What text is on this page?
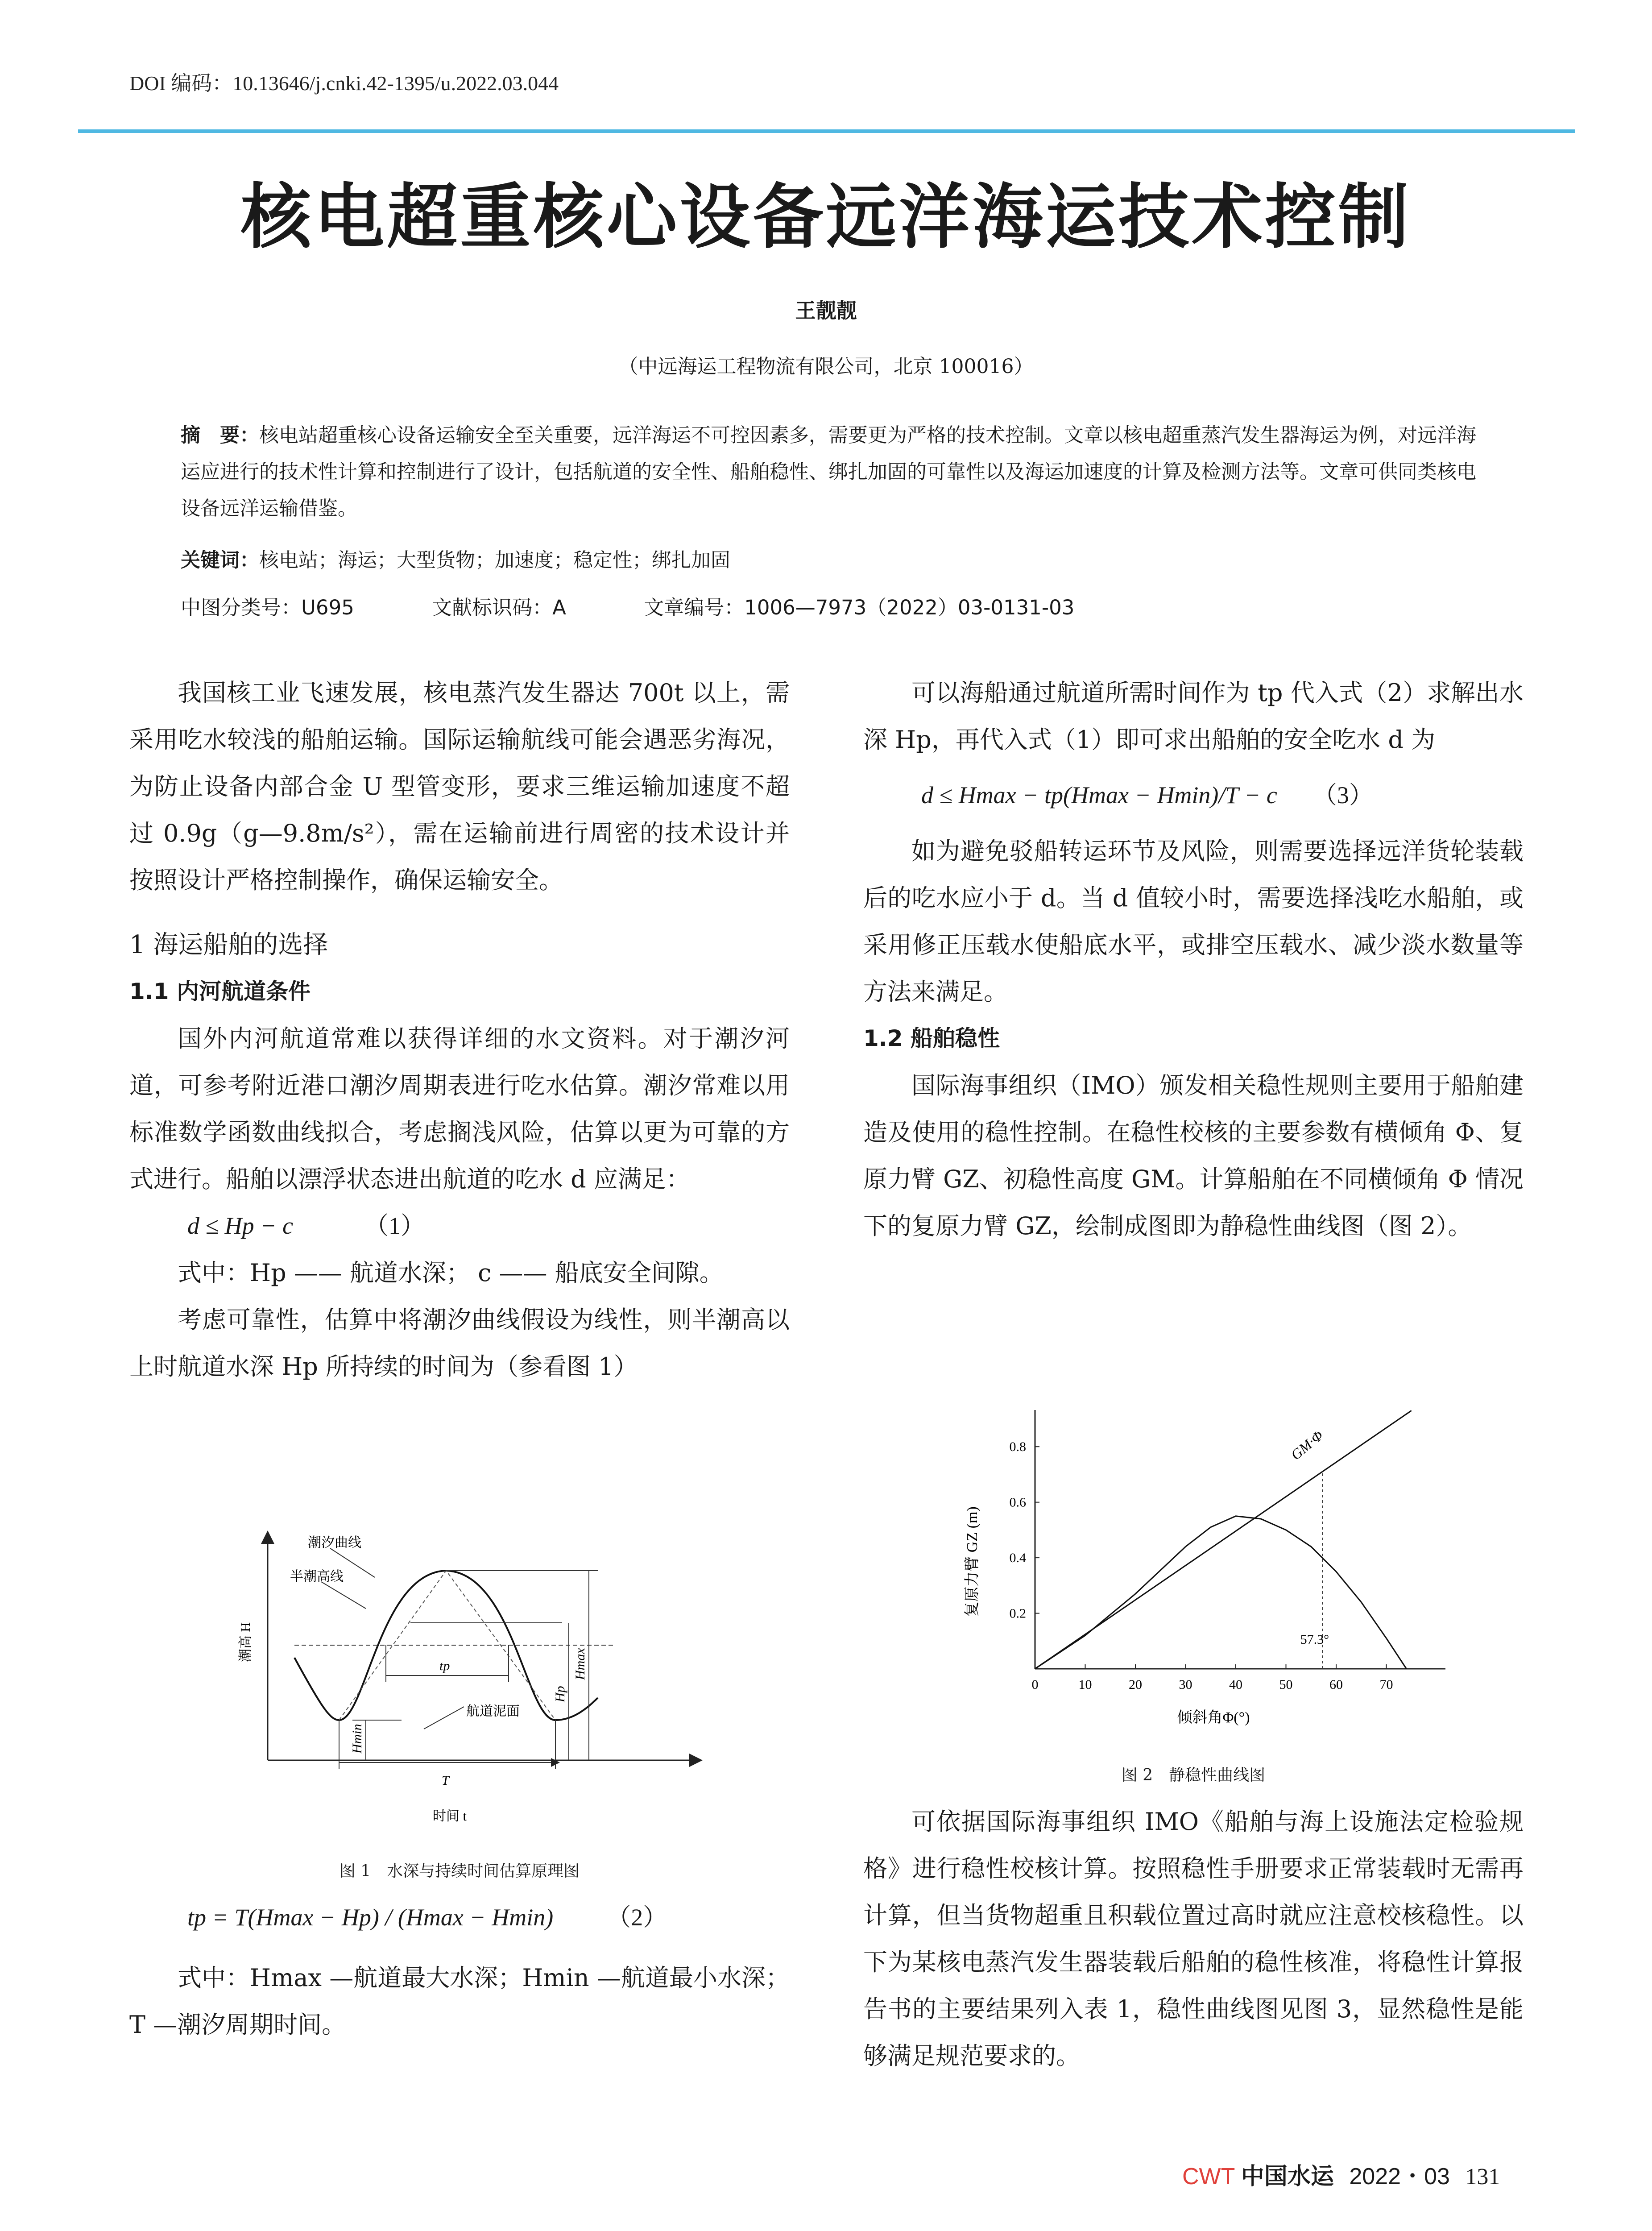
DOI 编码：10.13646/j.cnki.42-1395/u.2022.03.044
核电超重核心设备远洋海运技术控制
王靓靓
（中远海运工程物流有限公司，北京 100016）
摘　要：核电站超重核心设备运输安全至关重要，远洋海运不可控因素多，需要更为严格的技术控制。文章以核电超重蒸汽发生器海运为例，对远洋海运应进行的技术性计算和控制进行了设计，包括航道的安全性、船舶稳性、绑扎加固的可靠性以及海运加速度的计算及检测方法等。文章可供同类核电设备远洋运输借鉴。
关键词：核电站；海运；大型货物；加速度；稳定性；绑扎加固
中图分类号：U695	文献标识码：A	文章编号：1006—7973（2022）03-0131-03

我国核工业飞速发展，核电蒸汽发生器达 700t 以上，需采用吃水较浅的船舶运输。国际运输航线可能会遇恶劣海况，为防止设备内部合金 U 型管变形，要求三维运输加速度不超过 0.9g（g—9.8m/s²），需在运输前进行周密的技术设计并按照设计严格控制操作，确保运输安全。

1 海运船舶的选择

1.1 内河航道条件

国外内河航道常难以获得详细的水文资料。对于潮汐河道，可参考附近港口潮汐周期表进行吃水估算。潮汐常难以用标准数学函数曲线拟合，考虑搁浅风险，估算以更为可靠的方式进行。船舶以漂浮状态进出航道的吃水 d 应满足：

d ≤ Hp − c	（1）

式中：Hp —— 航道水深； c —— 船底安全间隙。

考虑可靠性，估算中将潮汐曲线假设为线性，则半潮高以上时航道水深 Hp 所持续的时间为（参看图 1）

潮汐曲线
半潮高线
潮高 H
tp
Hp
Hmax
Hmin
航道泥面
T
时间 t
图 1　水深与持续时间估算原理图

tp = T(Hmax − Hp) / (Hmax − Hmin) （2）

式中：Hmax —航道最大水深；Hmin —航道最小水深；T —潮汐周期时间。

可以海船通过航道所需时间作为 tp 代入式（2）求解出水深 Hp，再代入式（1）即可求出船舶的安全吃水 d 为

d ≤ Hmax − tp(Hmax − Hmin)/T − c （3）

如为避免驳船转运环节及风险，则需要选择远洋货轮装载后的吃水应小于 d。当 d 值较小时，需要选择浅吃水船舶，或采用修正压载水使船底水平，或排空压载水、减少淡水数量等方法来满足。

1.2 船舶稳性

国际海事组织（IMO）颁发相关稳性规则主要用于船舶建造及使用的稳性控制。在稳性校核的主要参数有横倾角 Φ、复原力臂 GZ、初稳性高度 GM。计算船舶在不同横倾角 Φ 情况下的复原力臂 GZ，绘制成图即为静稳性曲线图（图 2）。

复原力臂 GZ (m)
倾斜角Φ(°)
0	10	20	30	40	50	60	70
0.2
0.4
0.6
0.8	GM·Φ
57.3°
图 2　静稳性曲线图

可依据国际海事组织 IMO《船舶与海上设施法定检验规格》进行稳性校核计算。按照稳性手册要求正常装载时无需再计算，但当货物超重且积载位置过高时就应注意校核稳性。以下为某核电蒸汽发生器装载后船舶的稳性核准，将稳性计算报告书的主要结果列入表 1，稳性曲线图见图 3，显然稳性是能够满足规范要求的。

CWT 中国水运 2022・03 131
